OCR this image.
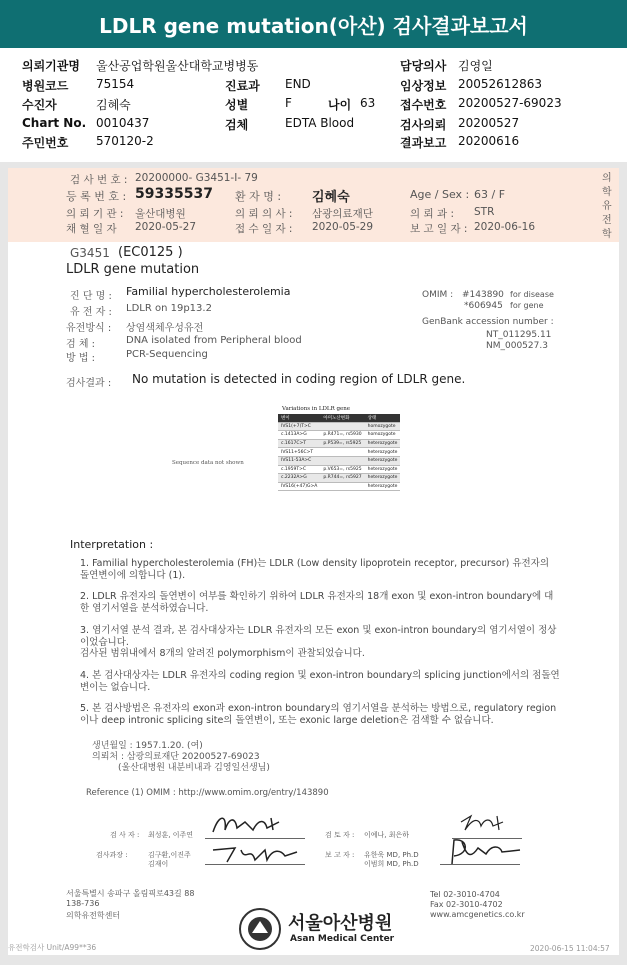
LDLR gene mutation(아산) 검사결과보고서
의뢰기관명 울산공업학원울산대학교병병동	담당의사 김영일
병원코드 75154	진료과 END	임상정보 20052612863
수진자	김혜숙	성별	F	나이 63 접수번호 20200527-69023
Chart No. 0010437	검체	EDTA Blood	검사의뢰 20200527
주민번호 570120-2	결과보고 20200616
검 사 번 호 : 20200000- G3451-I- 79
등 록 번 호 : 59335537 환 자 명 : 김혜숙	Age / Sex : 63 / F
의 뢰 기 관 : 울산대병원	의 뢰 의 사 : 삼광의료재단	의 뢰 과 : STR
채 혈 일 자 2020-05-27	접 수 일 자 : 2020-05-29	보 고 일 자 : 2020-06-16
의학유전학
G3451 (EC0125 )
LDLR gene mutation
진 단 명 : Familial hypercholesterolemia
유 전 자 : LDLR on 19p13.2
유전방식 : 상염색체우성유전
검 체 :	DNA isolated from Peripheral blood
방 법 :	PCR-Sequencing
OMIM : #143890 for disease
*606945 for gene
GenBank accession number :
NT_011295.11
NM_000527.3
검사결과 : No mutation is detected in coding region of LDLR gene.
Sequence data not shown
Variations in LDLR gene
변이	아미노산변화	상태
IVS1(+7)T>C		homozygote
c.1413A>G	p.R471=, rs5930	homozygote
c.1617C>T	p.P539=, rs5925	heterozygote
IVS11+56C>T		heterozygote
IVS11-53A>C		heterozygote
c.1959T>C	p.V653=, rs5925	heterozygote
c.2232A>G	p.R744=, rs5927	heterozygote
IVS16(+47)G>A		heterozygote
Interpretation :
1. Familial hypercholesterolemia (FH)는 LDLR (Low density lipoprotein receptor, precursor) 유전자의 돌연변이에 의합니다 (1).
2. LDLR 유전자의 돌연변이 여부를 확인하기 위하여 LDLR 유전자의 18개 exon 및 exon-intron boundary에 대한 염기서열을 분석하였습니다.
3. 염기서열 분석 결과, 본 검사대상자는 LDLR 유전자의 모든 exon 및 exon-intron boundary의 염기서열이 정상이었습니다.
검사된 범위내에서 8개의 알려진 polymorphism이 관찰되었습니다.
4. 본 검사대상자는 LDLR 유전자의 coding region 및 exon-intron boundary의 splicing junction에서의 점돌연변이는 없습니다.
5. 본 검사방법은 유전자의 exon과 exon-intron boundary의 염기서열을 분석하는 방법으로, regulatory region이나 deep intronic splicing site의 돌연변이, 또는 exonic large deletion은 검색할 수 없습니다.
생년월일 : 1957.1.20. (여)
의뢰처 : 삼광의료재단 20200527-69023
(울산대병원 내분비내과 김영일선생님)
Reference (1) OMIM : http://www.omim.org/entry/143890
검 사 자 : 최성훈, 이주연	검 토 자 : 이예나, 최은하
검사과장 :	김구환,이진주
김재이
보 고 자 : 유한욱 MD, Ph.D
이범희 MD, Ph.D
서울특별시 송파구 올림픽로43길 88
138-736
의학유전학센터	서울아산병원
Asan Medical Center
Tel 02-3010-4704
Fax 02-3010-4702
www.amcgenetics.co.kr
유전학검사 Unit/A99**36	2020-06-15 11:04:57
